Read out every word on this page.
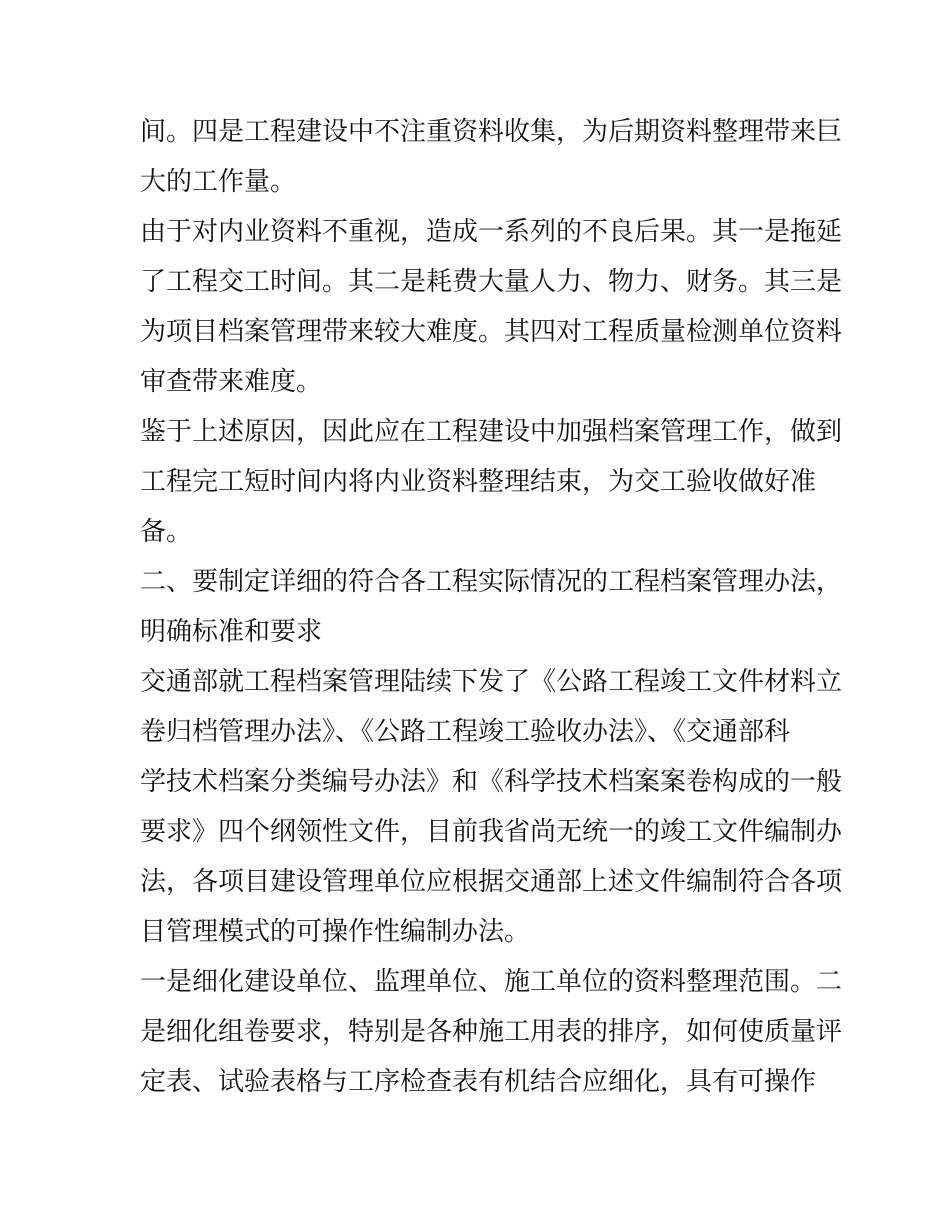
间。四是工程建设中不注重资料收集，为后期资料整理带来巨
大的工作量。
由于对内业资料不重视，造成一系列的不良后果。其一是拖延
了工程交工时间。其二是耗费大量人力、物力、财务。其三是
为项目档案管理带来较大难度。其四对工程质量检测单位资料
审查带来难度。
鉴于上述原因，因此应在工程建设中加强档案管理工作，做到
工程完工短时间内将内业资料整理结束，为交工验收做好准
备。
二、要制定详细的符合各工程实际情况的工程档案管理办法，
明确标准和要求
交通部就工程档案管理陆续下发了《公路工程竣工文件材料立
卷归档管理办法》、《公路工程竣工验收办法》、《交通部科
学技术档案分类编号办法》和《科学技术档案案卷构成的一般
要求》四个纲领性文件，目前我省尚无统一的竣工文件编制办
法，各项目建设管理单位应根据交通部上述文件编制符合各项
目管理模式的可操作性编制办法。
一是细化建设单位、监理单位、施工单位的资料整理范围。二
是细化组卷要求，特别是各种施工用表的排序，如何使质量评
定表、试验表格与工序检查表有机结合应细化，具有可操作
